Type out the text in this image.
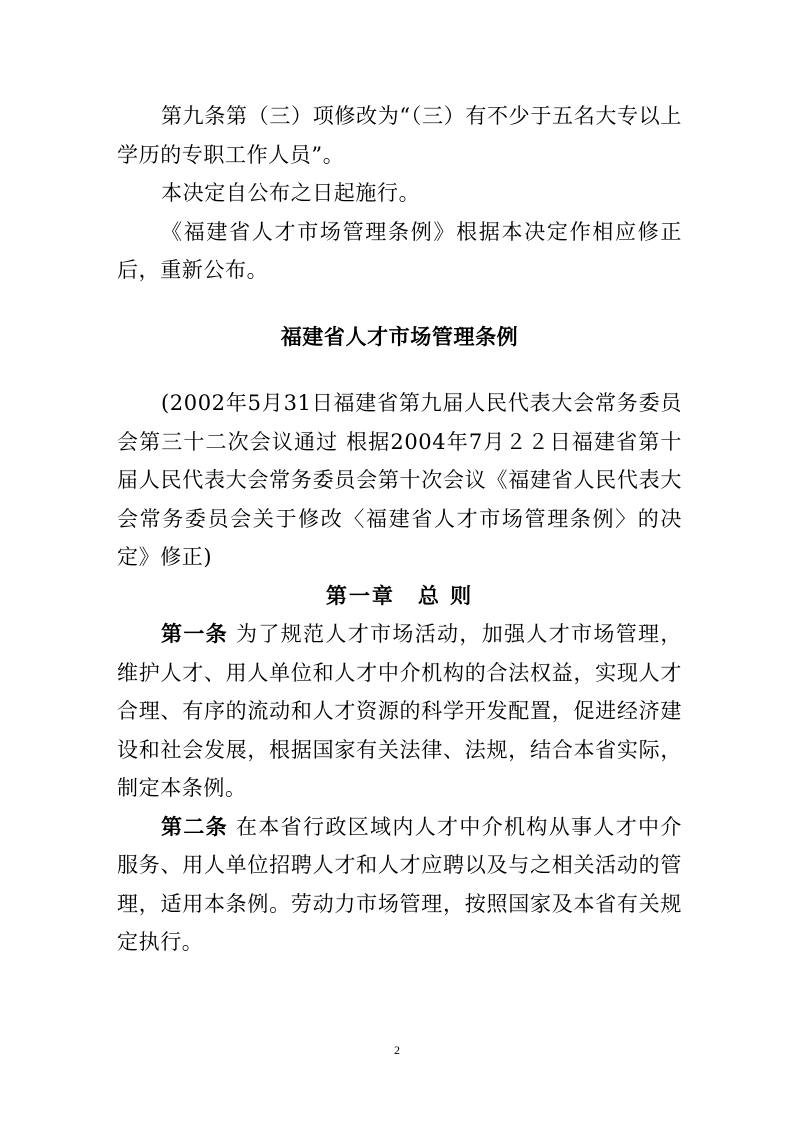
第九条第（三）项修改为“（三）有不少于五名大专以上学历的专职工作人员”。

本决定自公布之日起施行。

《福建省人才市场管理条例》根据本决定作相应修正后，重新公布。

福建省人才市场管理条例

(2002年5月31日福建省第九届人民代表大会常务委员会第三十二次会议通过 根据2004年7月２２日福建省第十届人民代表大会常务委员会第十次会议《福建省人民代表大会常务委员会关于修改〈福建省人才市场管理条例〉的决定》修正)

第一章　总 则

第一条 为了规范人才市场活动，加强人才市场管理，维护人才、用人单位和人才中介机构的合法权益，实现人才合理、有序的流动和人才资源的科学开发配置，促进经济建设和社会发展，根据国家有关法律、法规，结合本省实际，制定本条例。

第二条 在本省行政区域内人才中介机构从事人才中介服务、用人单位招聘人才和人才应聘以及与之相关活动的管理，适用本条例。劳动力市场管理，按照国家及本省有关规定执行。

2
